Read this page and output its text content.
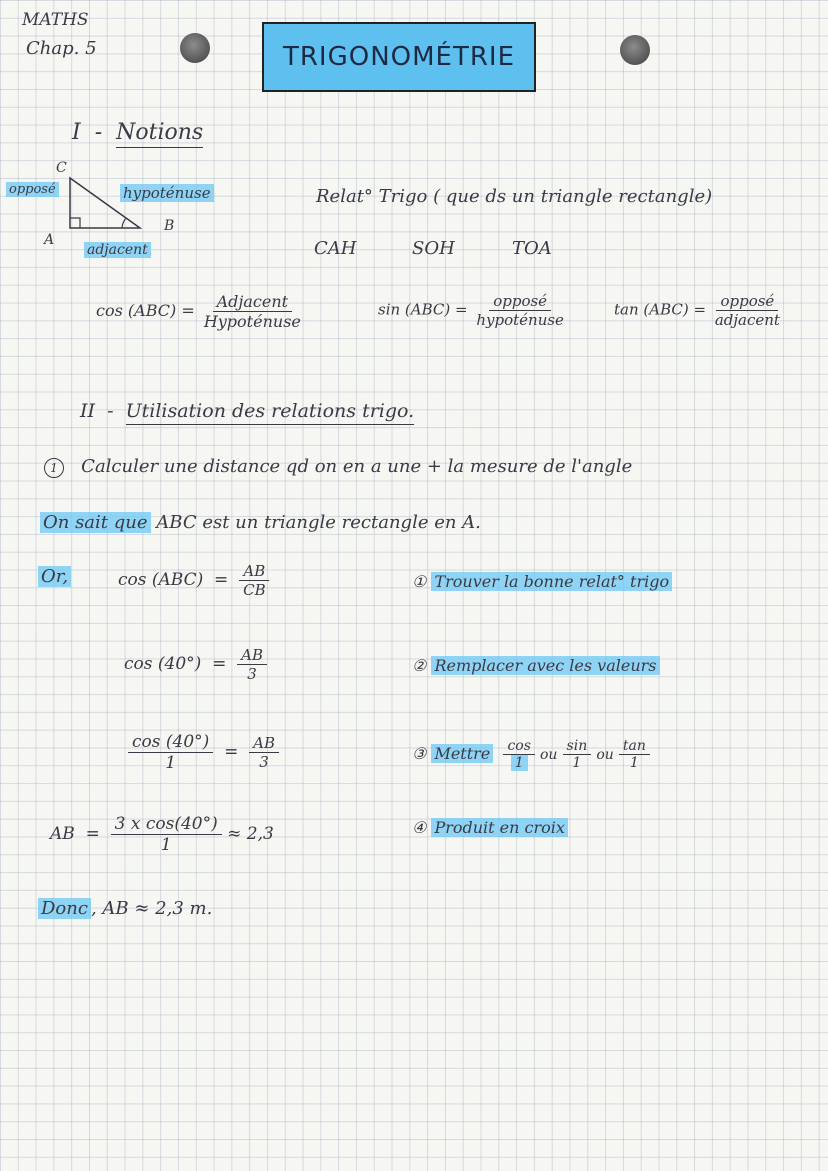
MATHS
Chap. 5	TRIGONOMÉTRIE
I  -  Notions
C
A
B
opposé	hypoténuse
adjacent
Relat° Trigo ( que ds un triangle rectangle)
CAH	SOH	TOA
$\cos (ABC) = \frac{\text{Adjacent}}{\text{Hypoténuse}}$	$\sin (ABC) = \frac{\text{opposé}}{\text{hypoténuse}}$	$\tan (ABC) = \frac{\text{opposé}}{\text{adjacent}}$
II  -  Utilisation des relations trigo.
1 Calculer une distance qd on en a une + la mesure de l'angle
On sait que ABC est un triangle rectangle en A.
Or,	$\cos (ABC) = \frac{AB}{CB}$
$\cos (40^\circ) = \frac{AB}{3}$
$\frac{\cos (40^\circ)}{1} = \frac{AB}{3}$
AB  = $\frac{\text{3 x cos(40°)}}{1} \approx 2,3$
① Trouver la bonne relat° trigo
② Remplacer avec les valeurs
③ Mettre $\frac{\cos}{1}$ ou $\frac{\sin}{1}$ ou $\frac{\tan}{1}$
④ Produit en croix
Donc , AB ≈ 2,3 m.
